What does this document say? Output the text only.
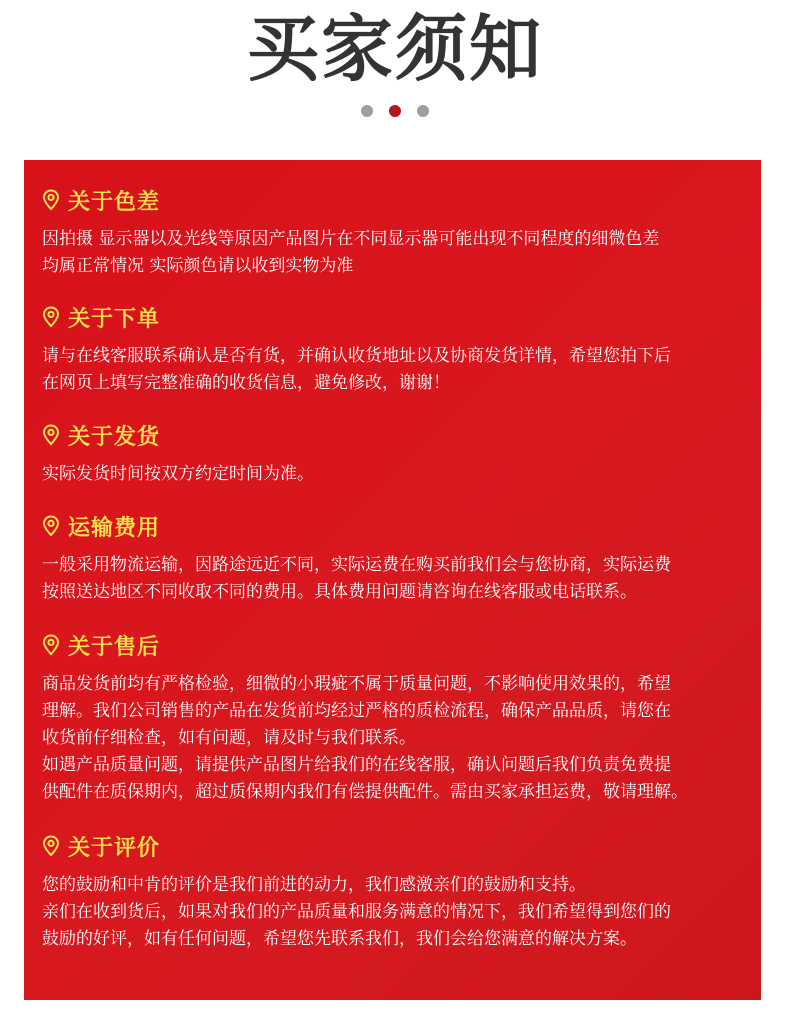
买家须知
关于色差
因拍摄 显示器以及光线等原因产品图片在不同显示器可能出现不同程度的细微色差
均属正常情况 实际颜色请以收到实物为准
关于下单
请与在线客服联系确认是否有货，并确认收货地址以及协商发货详情，希望您拍下后
在网页上填写完整准确的收货信息，避免修改，谢谢！
关于发货
实际发货时间按双方约定时间为准。
运输费用
一般采用物流运输，因路途远近不同，实际运费在购买前我们会与您协商，实际运费
按照送达地区不同收取不同的费用。具体费用问题请咨询在线客服或电话联系。
关于售后
商品发货前均有严格检验，细微的小瑕疵不属于质量问题，不影响使用效果的，希望
理解。我们公司销售的产品在发货前均经过严格的质检流程，确保产品品质，请您在
收货前仔细检查，如有问题，请及时与我们联系。
如遇产品质量问题，请提供产品图片给我们的在线客服，确认问题后我们负责免费提
供配件在质保期内，超过质保期内我们有偿提供配件。需由买家承担运费，敬请理解。
关于评价
您的鼓励和中肯的评价是我们前进的动力，我们感激亲们的鼓励和支持。
亲们在收到货后，如果对我们的产品质量和服务满意的情况下，我们希望得到您们的
鼓励的好评，如有任何问题，希望您先联系我们，我们会给您满意的解决方案。
